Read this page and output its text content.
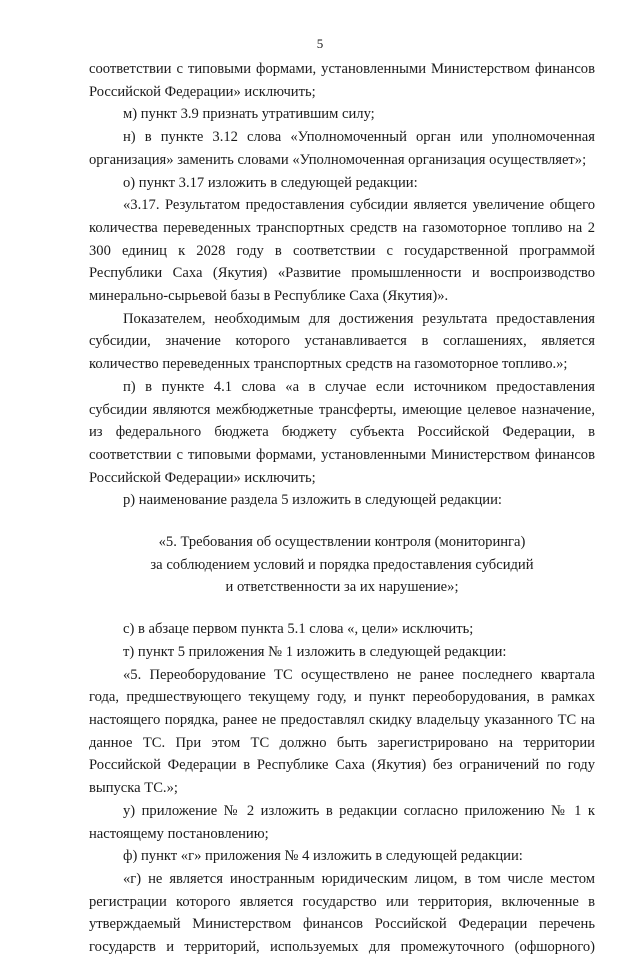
5

соответствии с типовыми формами, установленными Министерством финансов Российской Федерации» исключить;

м) пункт 3.9 признать утратившим силу;

н) в пункте 3.12 слова «Уполномоченный орган или уполномоченная организация» заменить словами «Уполномоченная организация осуществляет»;

о) пункт 3.17 изложить в следующей редакции:

«3.17. Результатом предоставления субсидии является увеличение общего количества переведенных транспортных средств на газомоторное топливо на 2 300 единиц к 2028 году в соответствии с государственной программой Республики Саха (Якутия) «Развитие промышленности и воспроизводство минерально-сырьевой базы в Республике Саха (Якутия)».

Показателем, необходимым для достижения результата предоставления субсидии, значение которого устанавливается в соглашениях, является количество переведенных транспортных средств на газомоторное топливо.»;

п) в пункте 4.1 слова «а в случае если источником предоставления субсидии являются межбюджетные трансферты, имеющие целевое назначение, из федерального бюджета бюджету субъекта Российской Федерации, в соответствии с типовыми формами, установленными Министерством финансов Российской Федерации» исключить;

р) наименование раздела 5 изложить в следующей редакции:

«5. Требования об осуществлении контроля (мониторинга)

за соблюдением условий и порядка предоставления субсидий

и ответственности за их нарушение»;

с) в абзаце первом пункта 5.1 слова «, цели» исключить;

т) пункт 5 приложения № 1 изложить в следующей редакции:

«5. Переоборудование ТС осуществлено не ранее последнего квартала года, предшествующего текущему году, и пункт переоборудования, в рамках настоящего порядка, ранее не предоставлял скидку владельцу указанного ТС на данное ТС. При этом ТС должно быть зарегистрировано на территории Российской Федерации в Республике Саха (Якутия) без ограничений по году выпуска ТС.»;

у) приложение № 2 изложить в редакции согласно приложению № 1 к настоящему постановлению;

ф) пункт «г» приложения № 4 изложить в следующей редакции:

«г) не является иностранным юридическим лицом, в том числе местом регистрации которого является государство или территория, включенные в утверждаемый Министерством финансов Российской Федерации перечень государств и территорий, используемых для промежуточного (офшорного)
